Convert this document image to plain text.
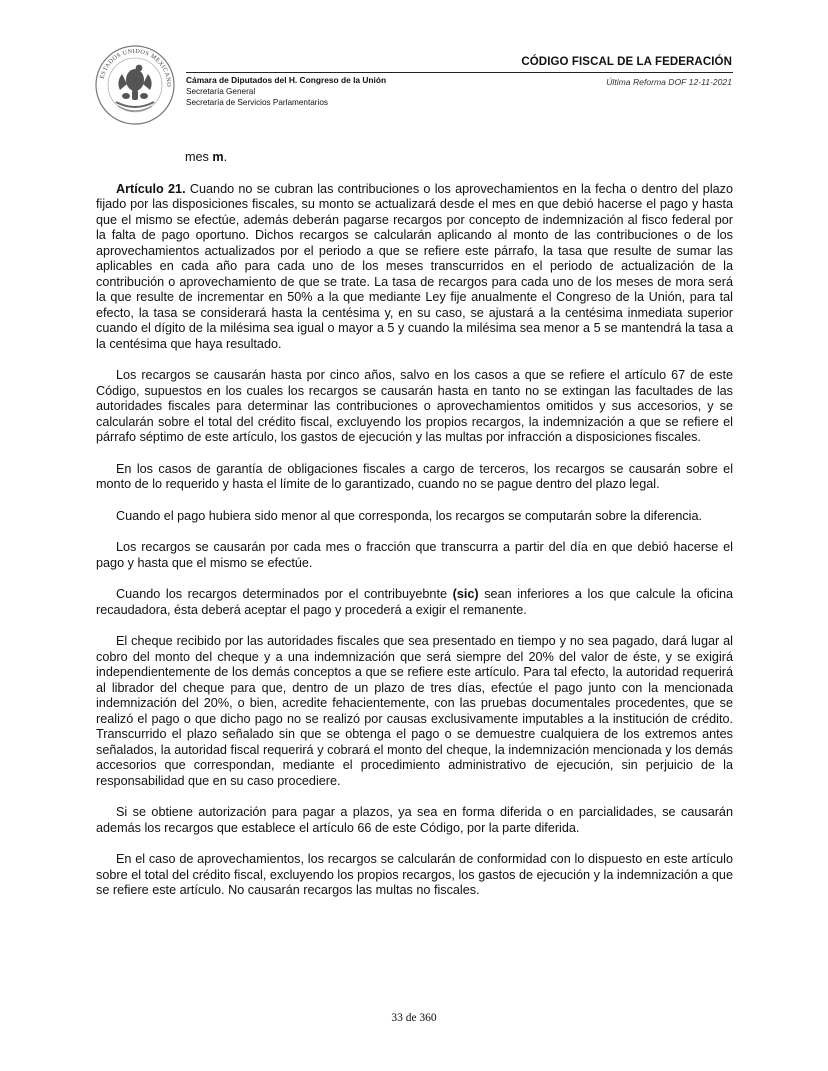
ESTADOS UNIDOS MEXICANO Cámara de Diputados del H. Congreso de la Unión
Secretaría General
Secretaría de Servicios Parlamentarios
CÓDIGO FISCAL DE LA FEDERACIÓN
Última Reforma DOF 12-11-2021

mes m.

Artículo 21. Cuando no se cubran las contribuciones o los aprovechamientos en la fecha o dentro del plazo fijado por las disposiciones fiscales, su monto se actualizará desde el mes en que debió hacerse el pago y hasta que el mismo se efectúe, además deberán pagarse recargos por concepto de indemnización al fisco federal por la falta de pago oportuno. Dichos recargos se calcularán aplicando al monto de las contribuciones o de los aprovechamientos actualizados por el periodo a que se refiere este párrafo, la tasa que resulte de sumar las aplicables en cada año para cada uno de los meses transcurridos en el periodo de actualización de la contribución o aprovechamiento de que se trate. La tasa de recargos para cada uno de los meses de mora será la que resulte de incrementar en 50% a la que mediante Ley fije anualmente el Congreso de la Unión, para tal efecto, la tasa se considerará hasta la centésima y, en su caso, se ajustará a la centésima inmediata superior cuando el dígito de la milésima sea igual o mayor a 5 y cuando la milésima sea menor a 5 se mantendrá la tasa a la centésima que haya resultado.

Los recargos se causarán hasta por cinco años, salvo en los casos a que se refiere el artículo 67 de este Código, supuestos en los cuales los recargos se causarán hasta en tanto no se extingan las facultades de las autoridades fiscales para determinar las contribuciones o aprovechamientos omitidos y sus accesorios, y se calcularán sobre el total del crédito fiscal, excluyendo los propios recargos, la indemnización a que se refiere el párrafo séptimo de este artículo, los gastos de ejecución y las multas por infracción a disposiciones fiscales.

En los casos de garantía de obligaciones fiscales a cargo de terceros, los recargos se causarán sobre el monto de lo requerido y hasta el límite de lo garantizado, cuando no se pague dentro del plazo legal.

Cuando el pago hubiera sido menor al que corresponda, los recargos se computarán sobre la diferencia.

Los recargos se causarán por cada mes o fracción que transcurra a partir del día en que debió hacerse el pago y hasta que el mismo se efectúe.

Cuando los recargos determinados por el contribuyebnte (sic) sean inferiores a los que calcule la oficina recaudadora, ésta deberá aceptar el pago y procederá a exigir el remanente.

El cheque recibido por las autoridades fiscales que sea presentado en tiempo y no sea pagado, dará lugar al cobro del monto del cheque y a una indemnización que será siempre del 20% del valor de éste, y se exigirá independientemente de los demás conceptos a que se refiere este artículo. Para tal efecto, la autoridad requerirá al librador del cheque para que, dentro de un plazo de tres días, efectúe el pago junto con la mencionada indemnización del 20%, o bien, acredite fehacientemente, con las pruebas documentales procedentes, que se realizó el pago o que dicho pago no se realizó por causas exclusivamente imputables a la institución de crédito. Transcurrido el plazo señalado sin que se obtenga el pago o se demuestre cualquiera de los extremos antes señalados, la autoridad fiscal requerirá y cobrará el monto del cheque, la indemnización mencionada y los demás accesorios que correspondan, mediante el procedimiento administrativo de ejecución, sin perjuicio de la responsabilidad que en su caso procediere.

Si se obtiene autorización para pagar a plazos, ya sea en forma diferida o en parcialidades, se causarán además los recargos que establece el artículo 66 de este Código, por la parte diferida.

En el caso de aprovechamientos, los recargos se calcularán de conformidad con lo dispuesto en este artículo sobre el total del crédito fiscal, excluyendo los propios recargos, los gastos de ejecución y la indemnización a que se refiere este artículo. No causarán recargos las multas no fiscales.

33 de 360
